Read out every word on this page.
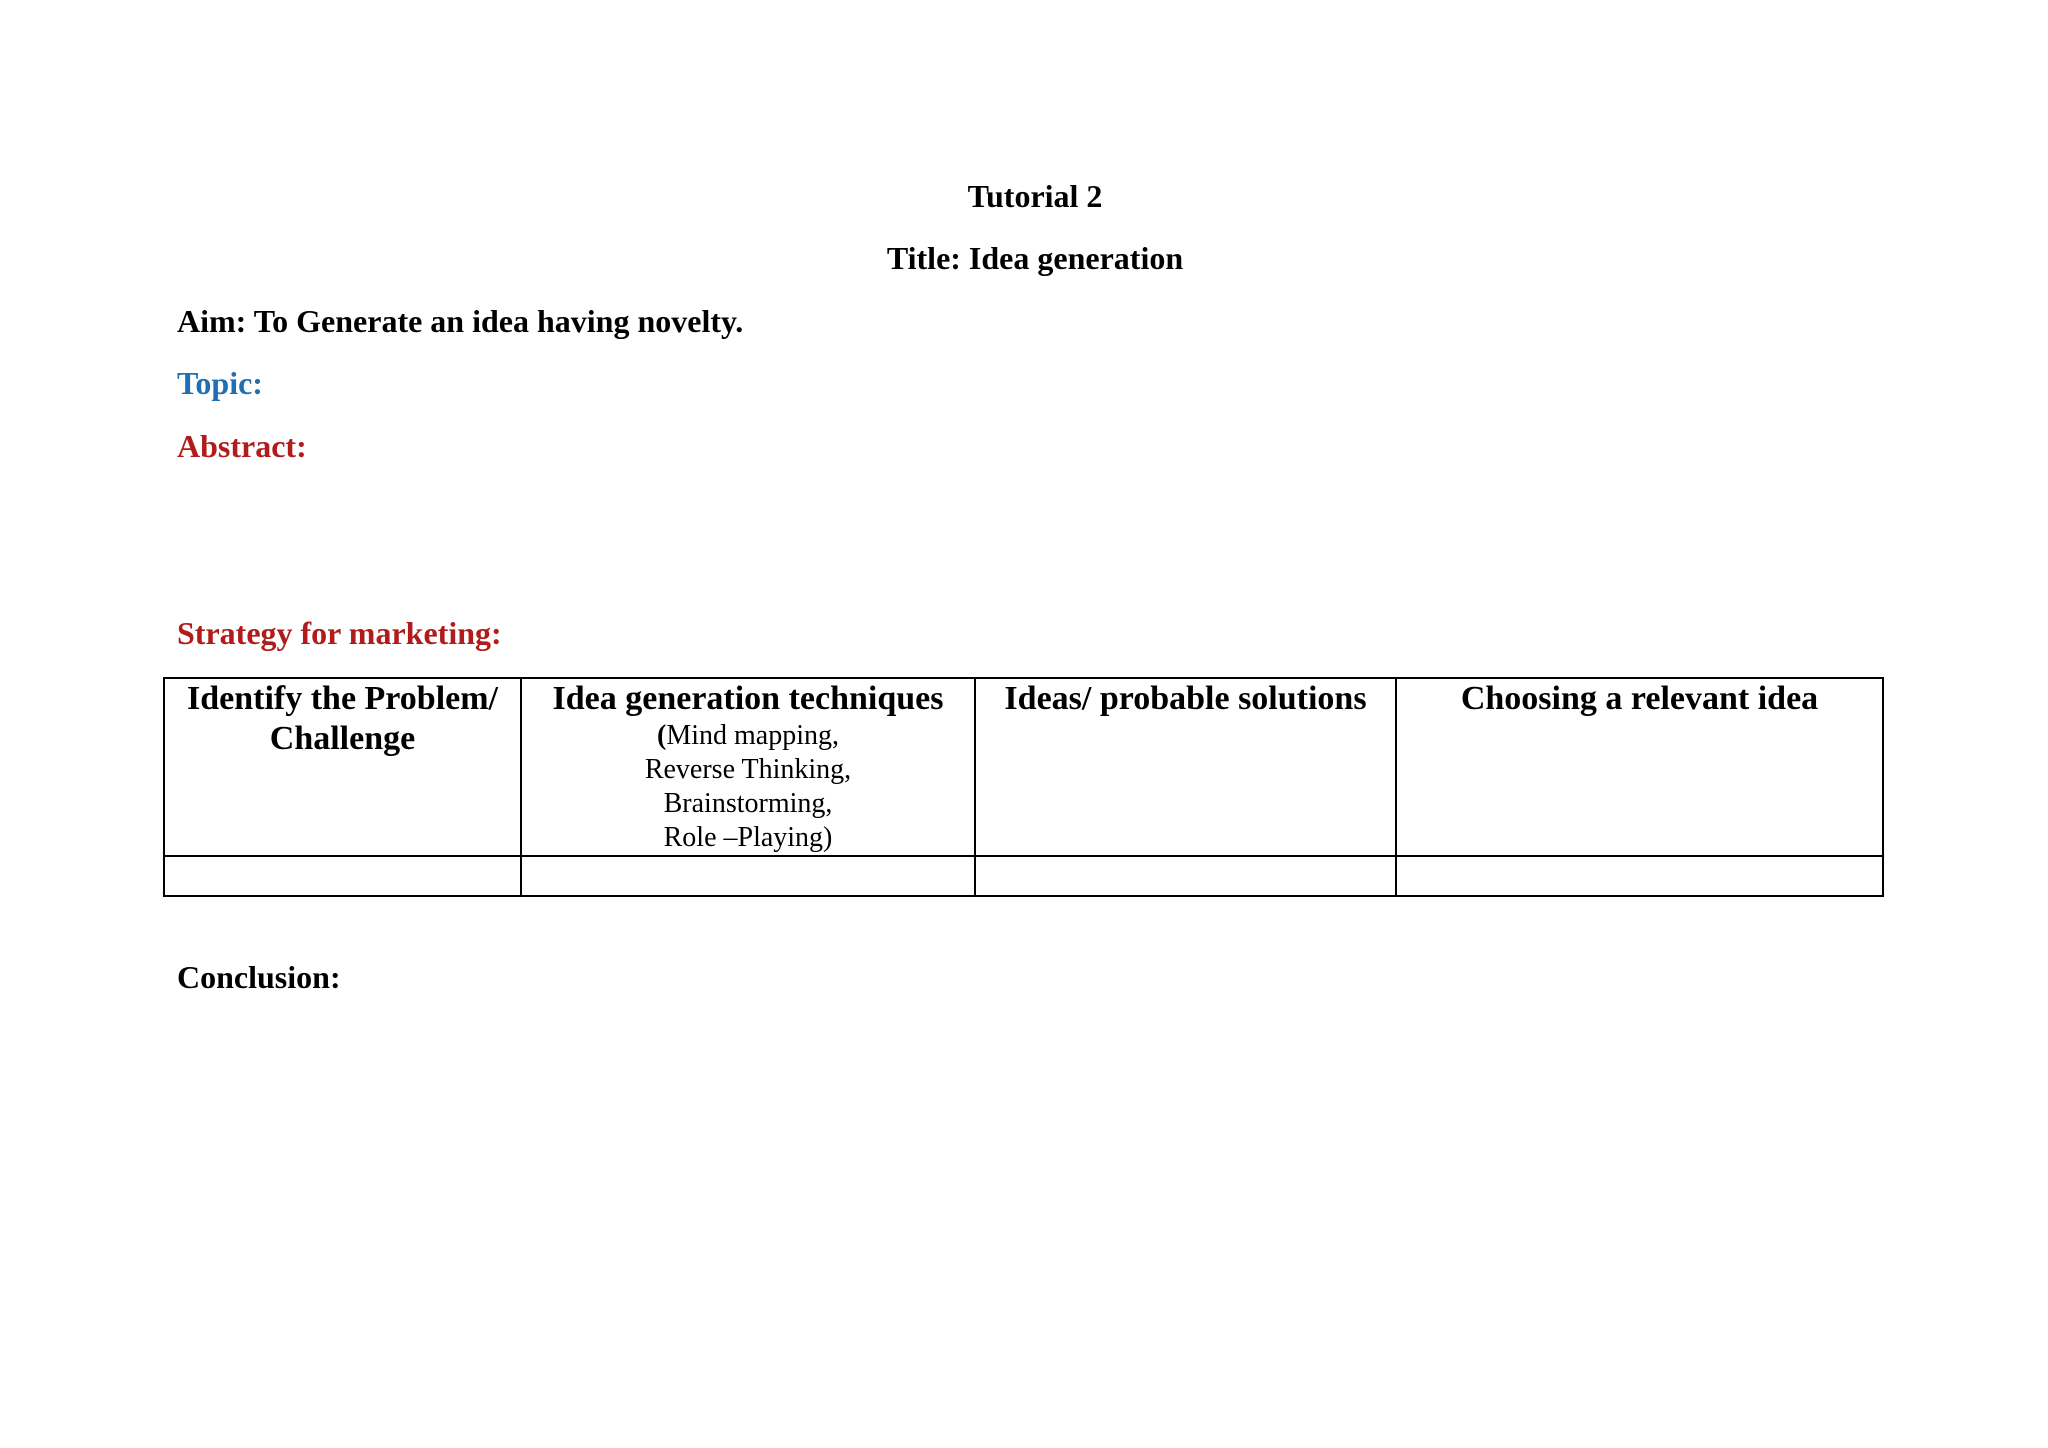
Tutorial 2
Title: Idea generation
Aim: To Generate an idea having novelty.
Topic:
Abstract:
Strategy for marketing:
Identify the Problem/
Challenge	Idea generation techniques
(Mind mapping,
Reverse Thinking,
Brainstorming,
Role –Playing)	Ideas/ probable solutions	Choosing a relevant idea

Conclusion:
